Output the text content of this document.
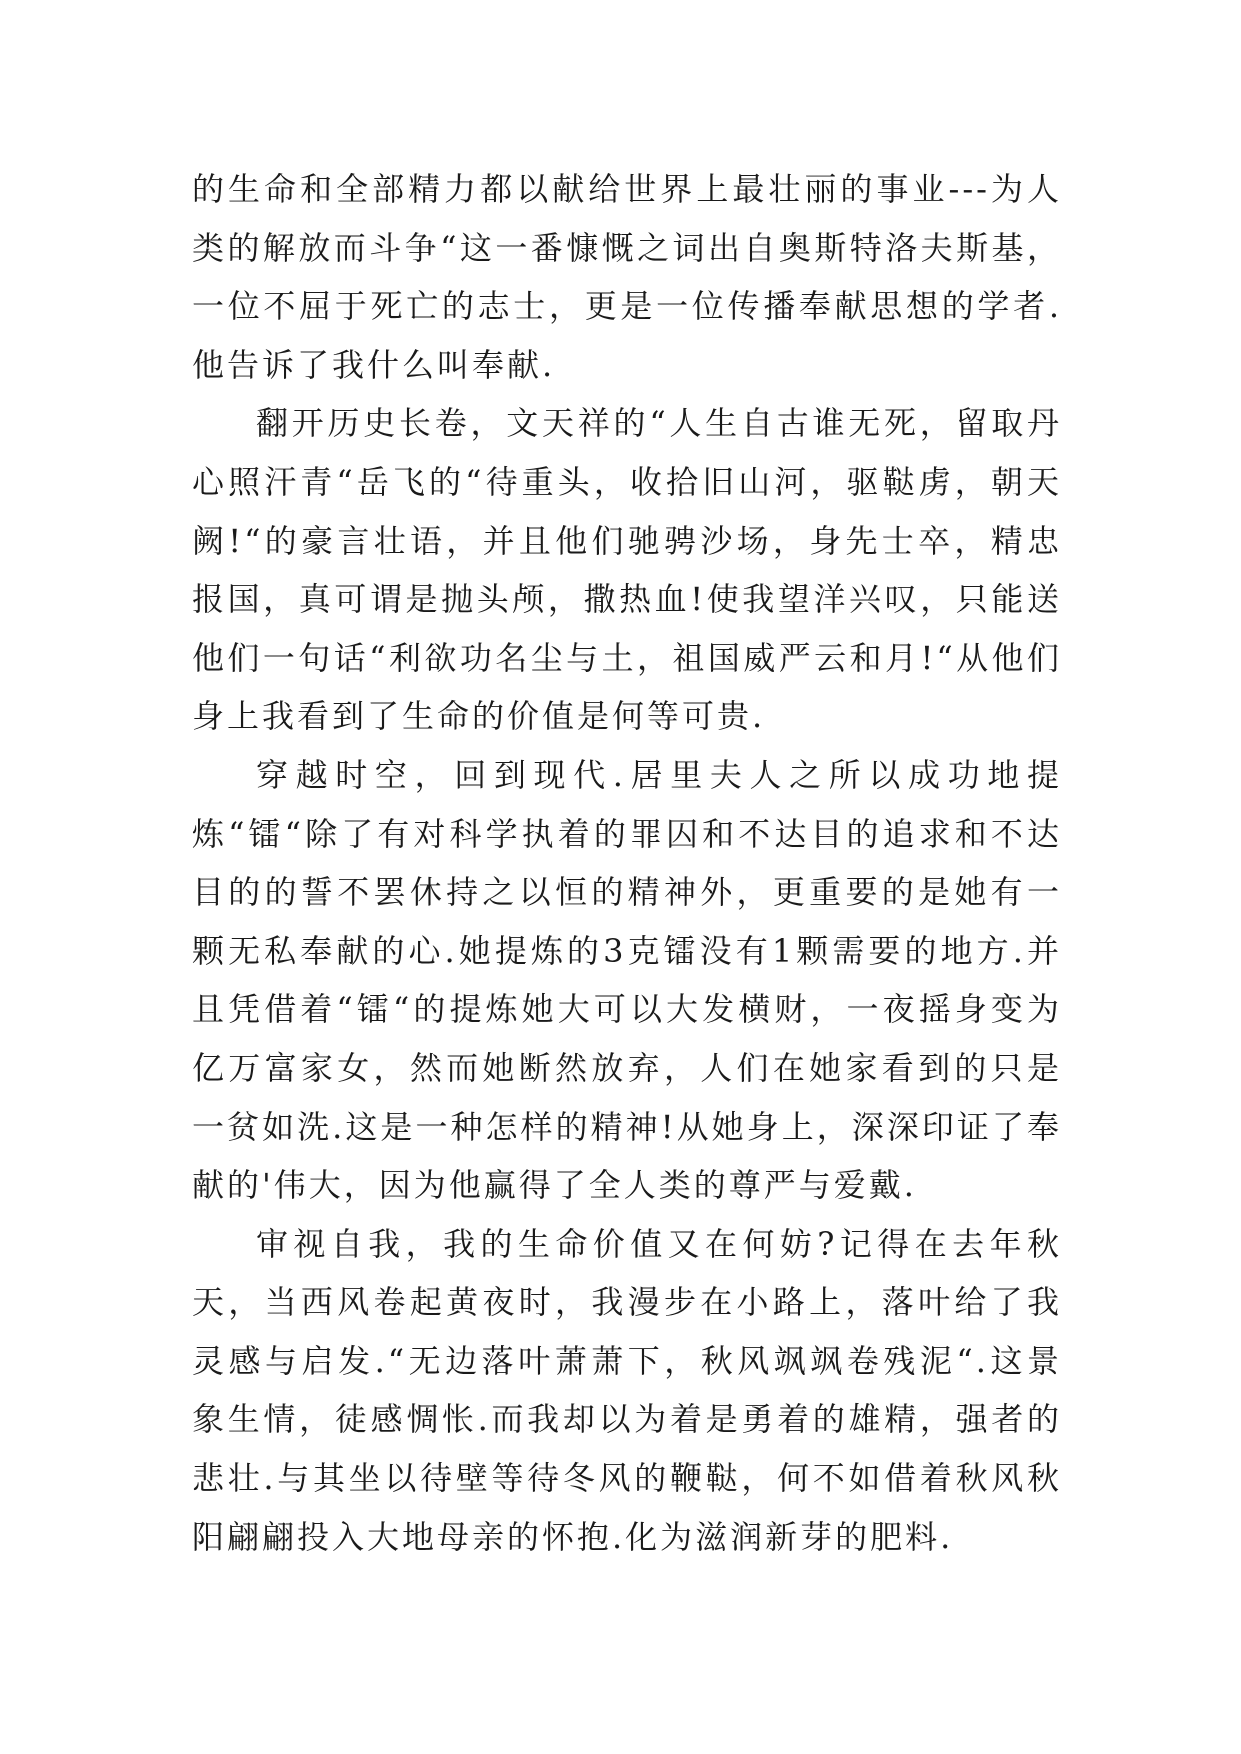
的生命和全部精力都以献给世界上最壮丽的事业---为人类的解放而斗争“这一番慷慨之词出自奥斯特洛夫斯基，一位不屈于死亡的志士，更是一位传播奉献思想的学者.他告诉了我什么叫奉献.

翻开历史长卷，文天祥的“人生自古谁无死，留取丹心照汗青“岳飞的“待重头，收拾旧山河，驱鞑虏，朝天阙!“的豪言壮语，并且他们驰骋沙场，身先士卒，精忠报国，真可谓是抛头颅，撒热血!使我望洋兴叹，只能送他们一句话“利欲功名尘与土，祖国威严云和月!“从他们身上我看到了生命的价值是何等可贵.

穿越时空，回到现代.居里夫人之所以成功地提炼“镭“除了有对科学执着的罪囚和不达目的追求和不达目的的誓不罢休持之以恒的精神外，更重要的是她有一颗无私奉献的心.她提炼的3克镭没有1颗需要的地方.并且凭借着“镭“的提炼她大可以大发横财，一夜摇身变为亿万富家女，然而她断然放弃，人们在她家看到的只是一贫如洗.这是一种怎样的精神!从她身上，深深印证了奉献的'伟大，因为他赢得了全人类的尊严与爱戴.

审视自我，我的生命价值又在何妨?记得在去年秋天，当西风卷起黄夜时，我漫步在小路上，落叶给了我灵感与启发.“无边落叶萧萧下，秋风飒飒卷残泥“.这景象生情，徒感惆怅.而我却以为着是勇着的雄精，强者的悲壮.与其坐以待壁等待冬风的鞭鞑，何不如借着秋风秋阳翩翩投入大地母亲的怀抱.化为滋润新芽的肥料.
